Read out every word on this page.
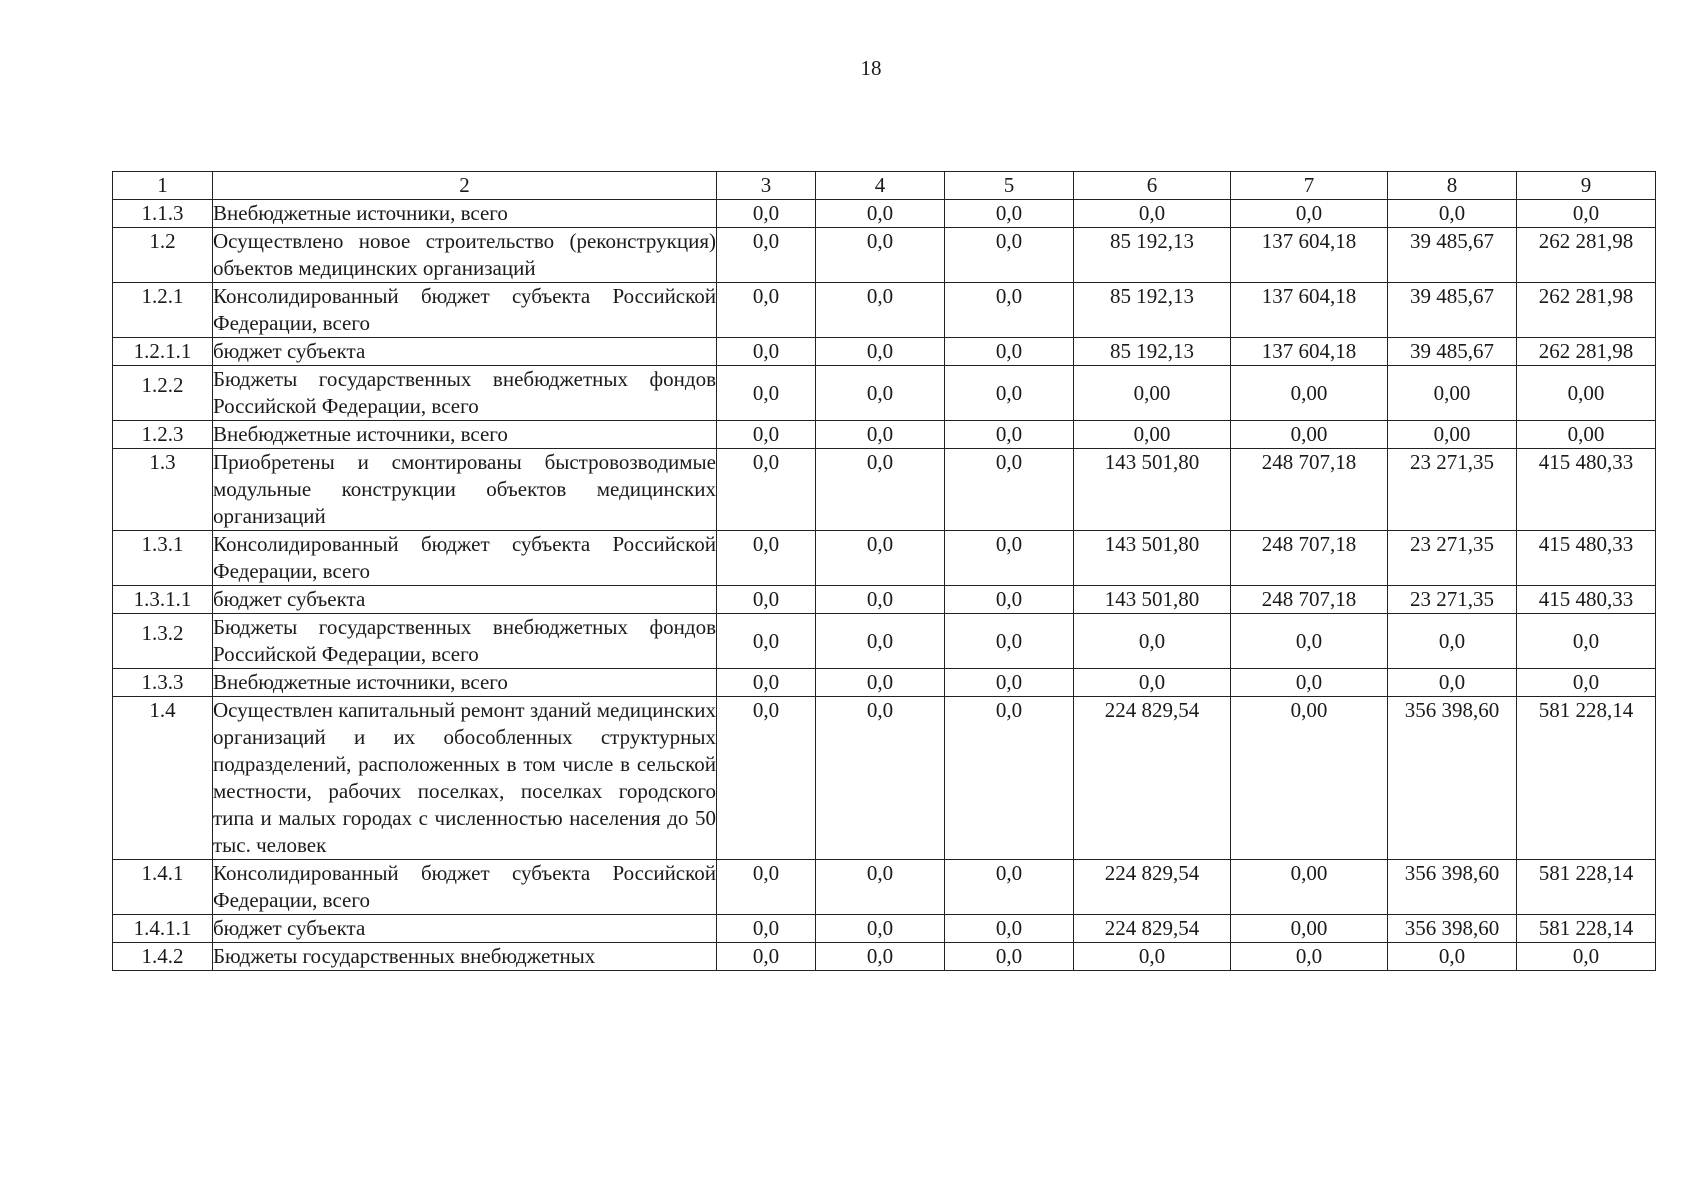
18
1	2	3	4	5	6	7	8	9
1.1.3	Внебюджетные источники, всего	0,0	0,0	0,0	0,0	0,0	0,0	0,0
1.2	Осуществлено новое строительство (реконструкция) объектов медицинских организаций	0,0	0,0	0,0	85 192,13	137 604,18	39 485,67	262 281,98
1.2.1	Консолидированный бюджет субъекта Российской Федерации, всего	0,0	0,0	0,0	85 192,13	137 604,18	39 485,67	262 281,98
1.2.1.1	бюджет субъекта	0,0	0,0	0,0	85 192,13	137 604,18	39 485,67	262 281,98
1.2.2	Бюджеты государственных внебюджетных фондов Российской Федерации, всего	0,0	0,0	0,0	0,00	0,00	0,00	0,00
1.2.3	Внебюджетные источники, всего	0,0	0,0	0,0	0,00	0,00	0,00	0,00
1.3	Приобретены и смонтированы быстровозводимые модульные конструкции объектов медицинских организаций	0,0	0,0	0,0	143 501,80	248 707,18	23 271,35	415 480,33
1.3.1	Консолидированный бюджет субъекта Российской Федерации, всего	0,0	0,0	0,0	143 501,80	248 707,18	23 271,35	415 480,33
1.3.1.1	бюджет субъекта	0,0	0,0	0,0	143 501,80	248 707,18	23 271,35	415 480,33
1.3.2	Бюджеты государственных внебюджетных фондов Российской Федерации, всего	0,0	0,0	0,0	0,0	0,0	0,0	0,0
1.3.3	Внебюджетные источники, всего	0,0	0,0	0,0	0,0	0,0	0,0	0,0
1.4	Осуществлен капитальный ремонт зданий медицинских организаций и их обособленных структурных подразделений, расположенных в том числе в сельской местности, рабочих поселках, поселках городского типа и малых городах с численностью населения до 50 тыс. человек	0,0	0,0	0,0	224 829,54	0,00	356 398,60	581 228,14
1.4.1	Консолидированный бюджет субъекта Российской Федерации, всего	0,0	0,0	0,0	224 829,54	0,00	356 398,60	581 228,14
1.4.1.1	бюджет субъекта	0,0	0,0	0,0	224 829,54	0,00	356 398,60	581 228,14
1.4.2	Бюджеты государственных внебюджетных	0,0	0,0	0,0	0,0	0,0	0,0	0,0
